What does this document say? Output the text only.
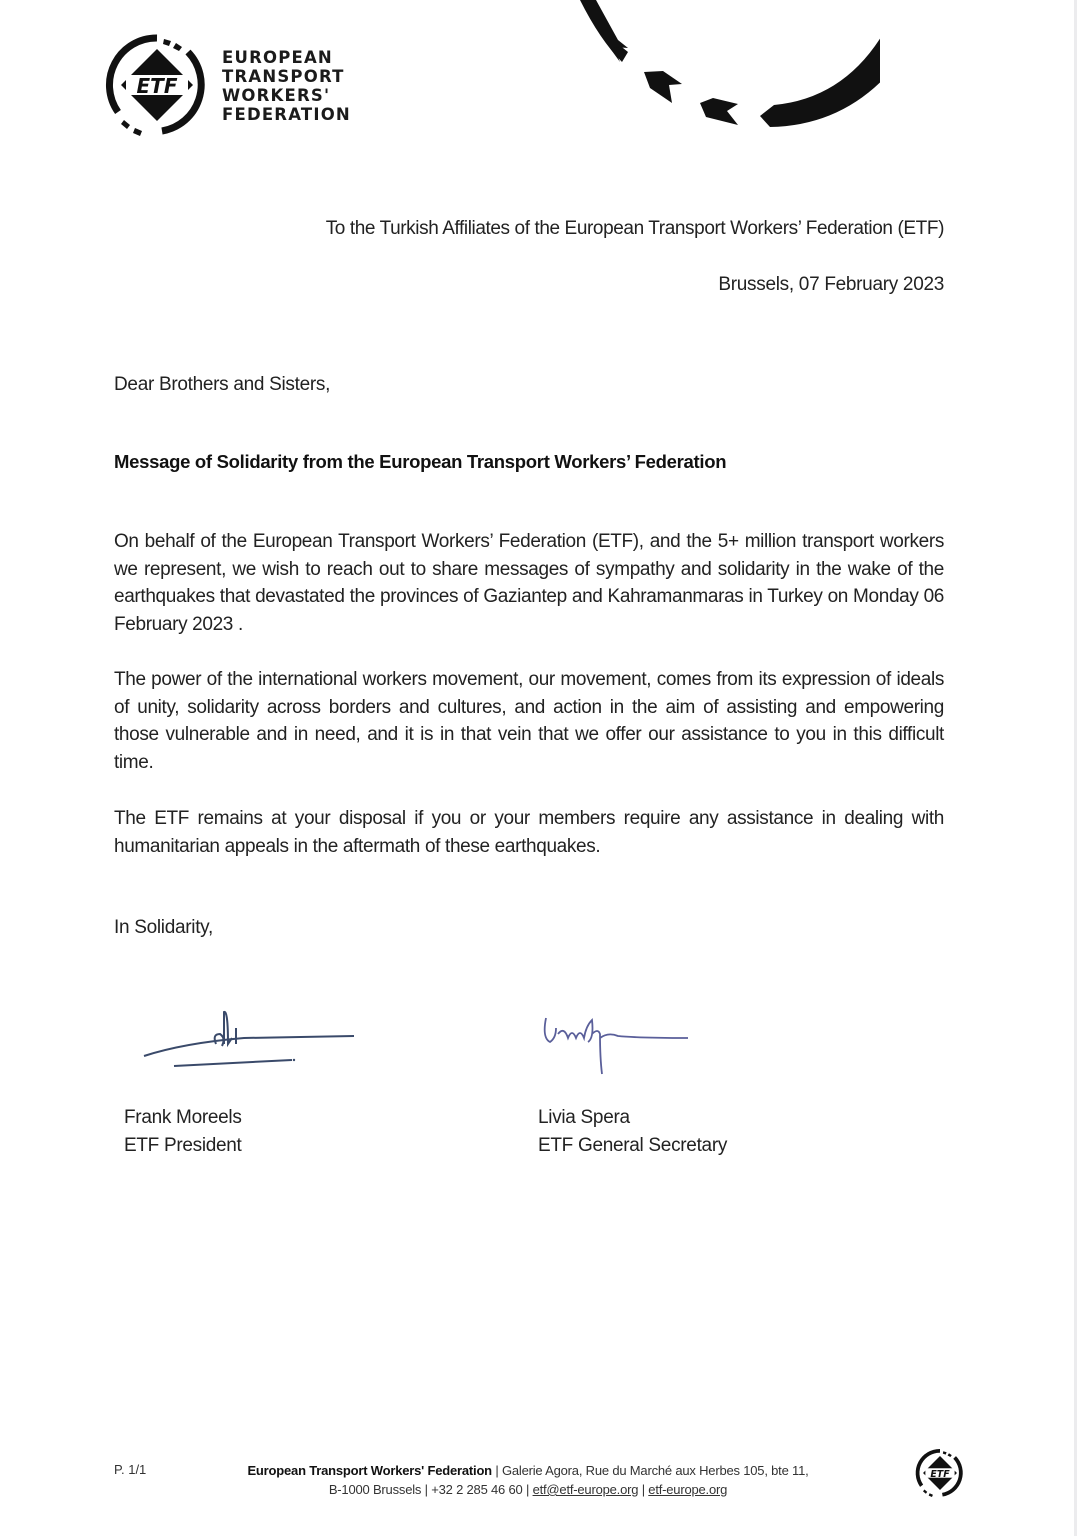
ETF
EUROPEAN
TRANSPORT
WORKERS'
FEDERATION
To the Turkish Affiliates of the European Transport Workers’ Federation (ETF)
Brussels, 07 February 2023
Dear Brothers and Sisters,
Message of Solidarity from the European Transport Workers’ Federation
On behalf of the European Transport Workers’ Federation (ETF), and the 5+ million transport workers we represent, we wish to reach out to share messages of sympathy and solidarity in the wake of the earthquakes that devastated the provinces of Gaziantep and Kahramanmaras in Turkey on Monday 06 February 2023 .
The power of the international workers movement, our movement, comes from its expression of ideals of unity, solidarity across borders and cultures, and action in the aim of assisting and empowering those vulnerable and in need, and it is in that vein that we offer our assistance to you in this difficult time.
The ETF remains at your disposal if you or your members require any assistance in dealing with humanitarian appeals in the aftermath of these earthquakes.
In Solidarity,
Frank Moreels
ETF President
Livia Spera
ETF General Secretary
P. 1/1	European Transport Workers' Federation | Galerie Agora, Rue du Marché aux Herbes 105, bte 11,
B-1000 Brussels | +32 2 285 46 60 | etf@etf-europe.org | etf-europe.org
ETF
